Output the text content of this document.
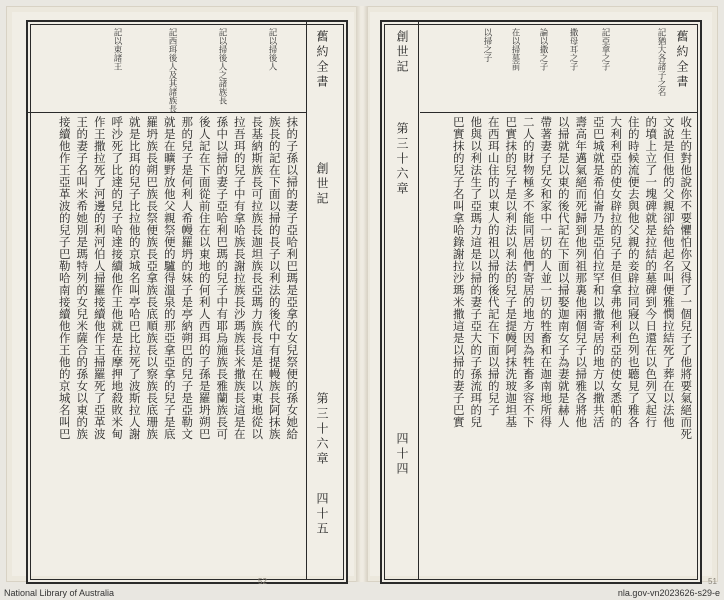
舊約全書
創世記
第三十六章
四十五
記以掃後人
記以掃後人之諸族長
記西珥後人及其諸族長
記以東諸王
抹的子孫以掃的妻子亞哈利巴瑪是亞拿的女兒祭便的孫女她給
族長的記在下面以掃的長子以利法的後代中有提幔族長阿抹族
長基納斯族長可拉族長迦坦族長亞瑪力族長這是在以東地從以
拉吾珥的兒子中有拿哈族長謝拉族長沙瑪族長米撒族長這是在
孫中以掃的妻子亞哈利巴瑪的兒子中有耶烏施族長雅蘭族長可
後人記在下面從前住在以東地的何利人西珥的子孫是羅坍朔巴
那的兒子是何利人希幔羅坍的妹子是亭納朔巴的兒子是亞勒文
就是在曠野放他父親祭便的驢得溫泉的那亞拿亞拿的兒子是底
羅坍族長朔巴族長祭便族長亞拿族長底順族長以察族長底珊族
就是比珥的兒子比拉他的京城名叫亭哈巴比拉死了波斯拉人謝
呼沙死了比達的兒子哈達接續他作王他就是在摩押地殺敗米甸
作王撒拉死了河邊的利河伯人掃羅接續他作王掃羅死了亞革波
王的妻子名叫米希她別是瑪特列的女兒米薩合的孫女以東的族
接續他作王亞革波的兒子巴勒哈南接續他作王他的京城名叫巴
舊約全書
創世記
第三十六章
四十四
記猶大各諸子之名
記亞拿之子
撒母耳之子
論以撒之子
在以掃墓前
以掃之子
收生的對他說你不要懼怕你又得了一個兒子了他將要氣絕而死
文說是但他的父親卻給他起名叫便雅憫拉結死了葬在以法他
的墳上立了一塊碑就是拉結的墓碑到今日還在以色列又起行
住的時候流便去與他父親的妾辟拉同寢以色列也聽見了雅各
大利利亞的使女辟拉的兒子是但拿弗他利利亞的使女悉帕的
亞巴城就是希伯崙乃是亞伯拉罕和以撒寄居的地方以撒共活
壽高年邁氣絕而死歸到他列祖那裏他兩個兒子以掃雅各將他
以掃就是以東的後代記在下面以掃娶迦南女子為妻就是赫人
帶著妻子兒女和家中一切的人並一切的牲畜和在迦南地所得
二人的財物極多不能同居他們寄居的地方因為牲畜多容不下
巴實抹的兒子是以利法以利法的兒子是提幔阿抹洗玻迦坦基
在西珥山住的以東人的祖以掃的後代記在下面以掃的兒子
他與以利法生了亞瑪力這是以掃的妻子亞大的子孫流珥的兒
巴實抹的兒子名叫拿哈錄謝拉沙瑪米撒這是以掃的妻子巴實
52	51
National Library of Australia	nla.gov-vn2023626-s29-e
